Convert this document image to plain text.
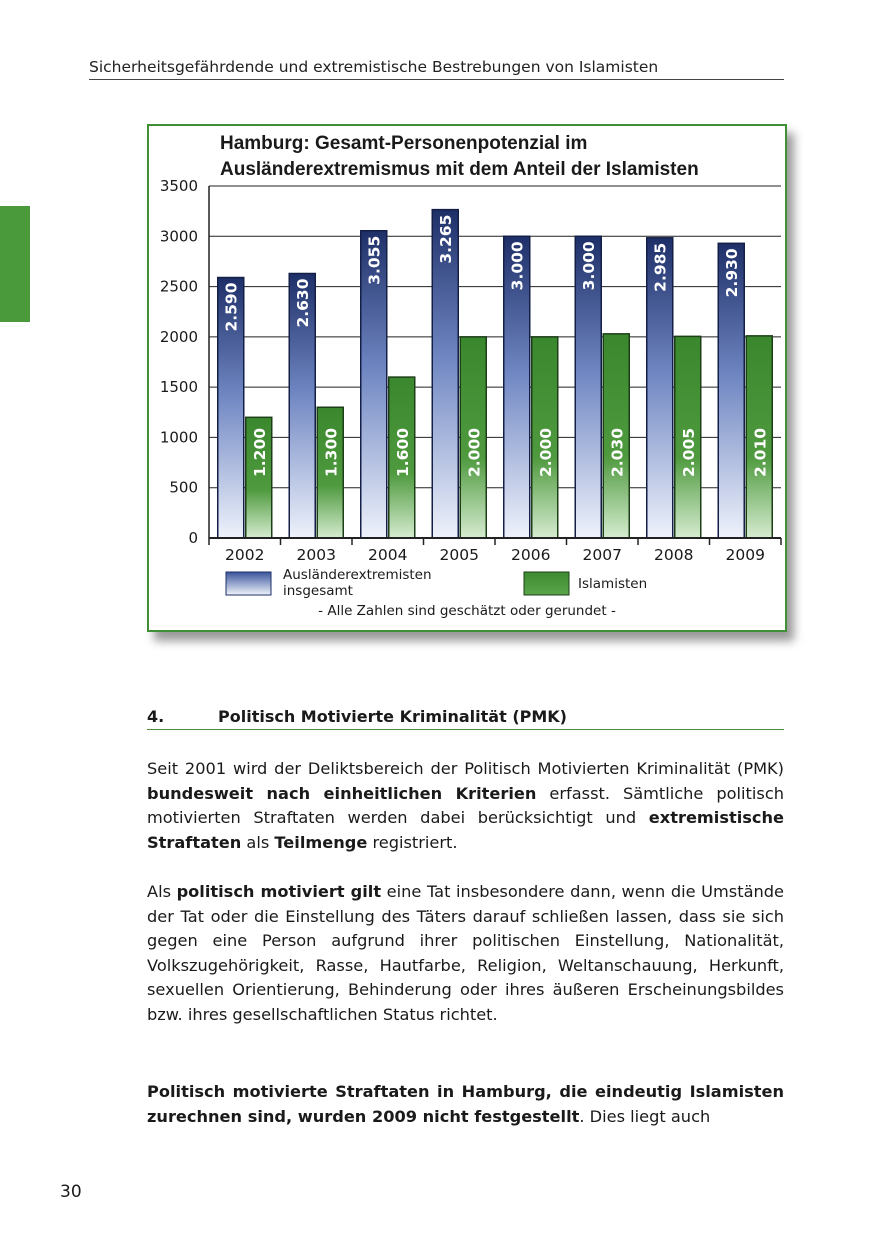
Sicherheitsgefährdende und extremistische Bestrebungen von Islamisten
2.590
1.200
2.630
1.300
3.055
1.600
3.265
2.000
3.000
2.000
3.000
2.030
2.985
2.005
2.930
2.010
0
500
1000
1500
2000
2500
3000
3500
2002 2003 2004 2005 2006 2007 2008 2009
Hamburg: Gesamt-Personenpotenzial im
Ausländerextremismus mit dem Anteil der Islamisten
Ausländerextremisten
insgesamt	Islamisten
- Alle Zahlen sind geschätzt oder gerundet -
4.	Politisch Motivierte Kriminalität (PMK)

Seit 2001 wird der Deliktsbereich der Politisch Motivierten Kriminalität (PMK) bundesweit nach einheitlichen Kriterien erfasst. Sämtliche politisch motivierten Straftaten werden dabei berücksichtigt und extremistische Straftaten als Teilmenge registriert.

Als politisch motiviert gilt eine Tat insbesondere dann, wenn die Umstände der Tat oder die Einstellung des Täters darauf schließen lassen, dass sie sich gegen eine Person aufgrund ihrer politischen Einstellung, Nationalität, Volkszugehörigkeit, Rasse, Hautfarbe, Religion, Weltanschauung, Herkunft, sexuellen Orientierung, Behinderung oder ihres äußeren Erscheinungsbildes bzw. ihres gesellschaftlichen Status richtet.

Politisch motivierte Straftaten in Hamburg, die eindeutig Islamisten zurechnen sind, wurden 2009 nicht festgestellt. Dies liegt auch

30
